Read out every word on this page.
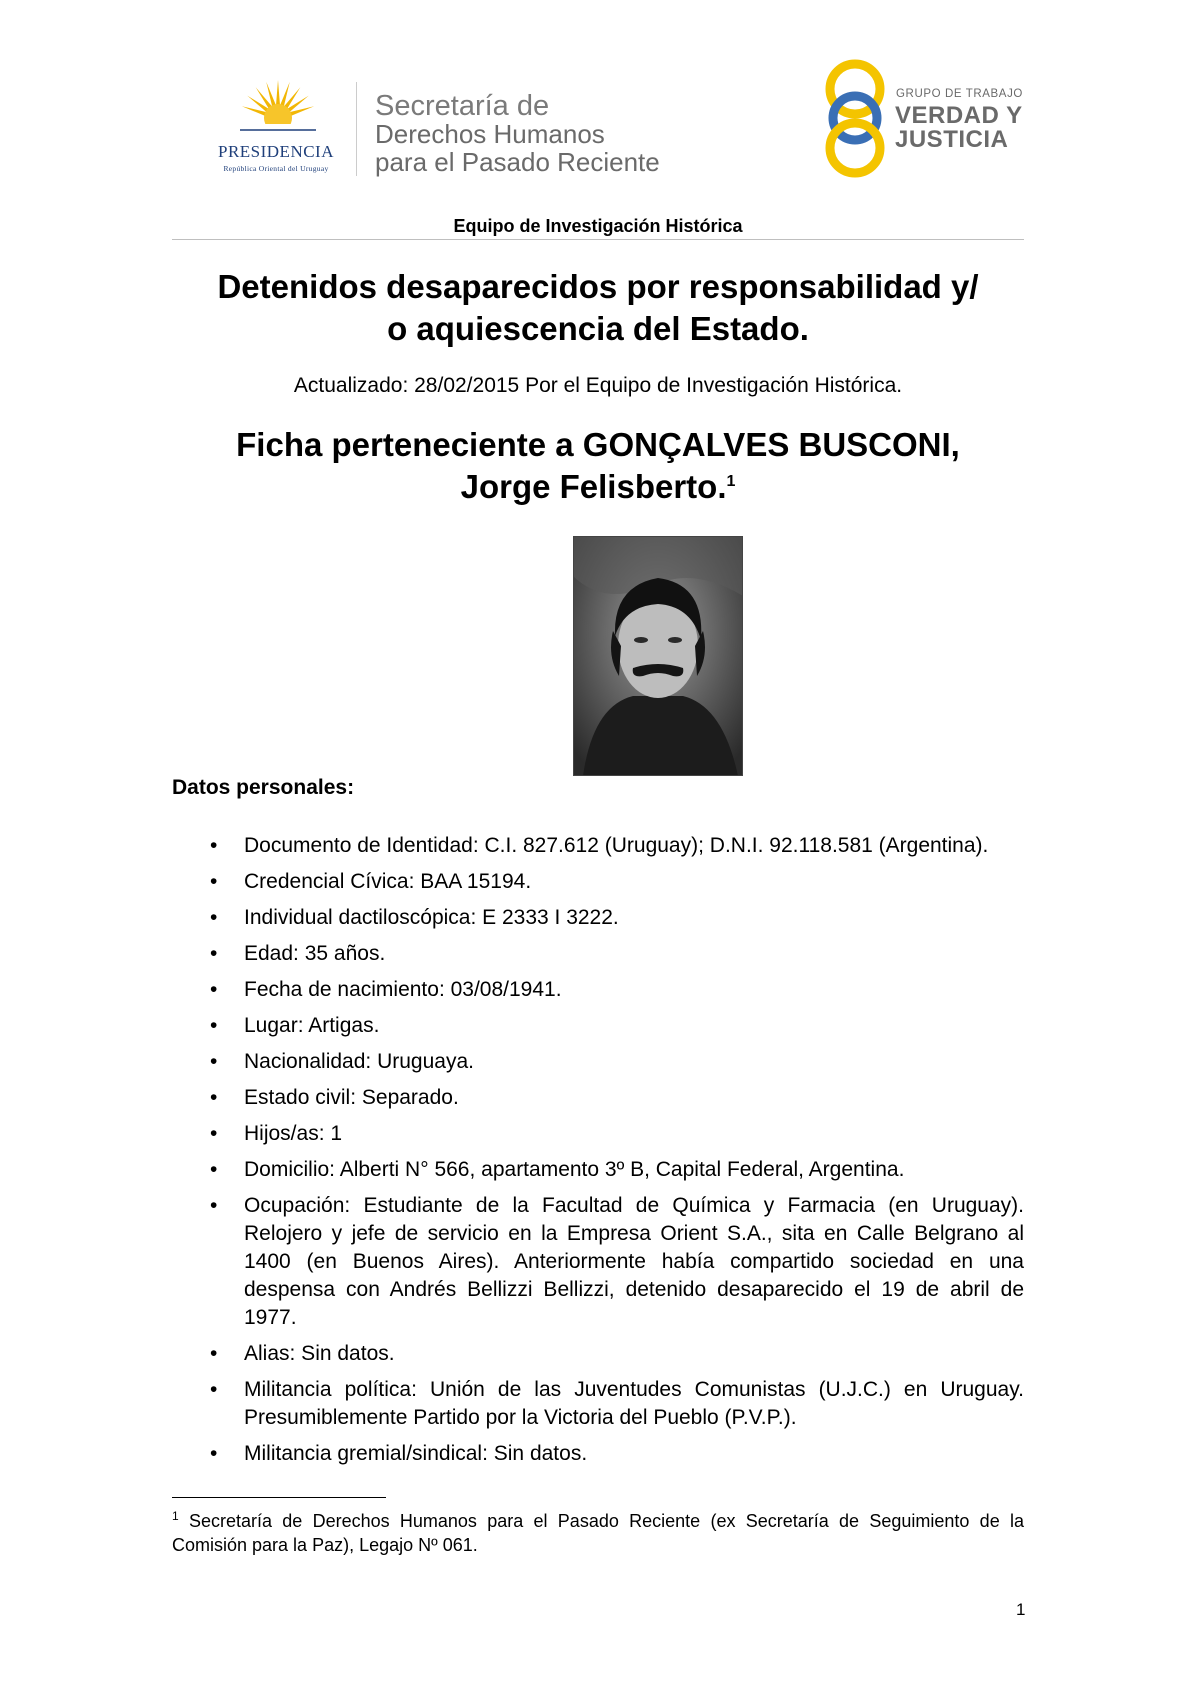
PRESIDENCIA
República Oriental del Uruguay
Secretaría de
Derechos Humanos
para el Pasado Reciente
GRUPO DE TRABAJO
VERDAD Y
JUSTICIA
Equipo de Investigación Histórica
Detenidos desaparecidos por responsabilidad y/
o aquiescencia del Estado.
Actualizado: 28/02/2015 Por el Equipo de Investigación Histórica.
Ficha perteneciente a GONÇALVES BUSCONI,
Jorge Felisberto.$^1$
Datos personales:
• Documento de Identidad: C.I. 827.612 (Uruguay); D.N.I. 92.118.581 (Argentina).
• Credencial Cívica: BAA 15194.
• Individual dactiloscópica: E 2333 I 3222.
• Edad: 35 años.
• Fecha de nacimiento: 03/08/1941.
• Lugar: Artigas.
• Nacionalidad: Uruguaya.
• Estado civil: Separado.
• Hijos/as: 1
• Domicilio: Alberti N° 566, apartamento 3º B, Capital Federal, Argentina.
• Ocupación: Estudiante de la Facultad de Química y Farmacia (en Uruguay). Relojero y jefe de servicio en la Empresa Orient S.A., sita en Calle Belgrano al 1400 (en Buenos Aires). Anteriormente había compartido sociedad en una despensa con Andrés Bellizzi Bellizzi, detenido desaparecido el 19 de abril de 1977.
• Alias: Sin datos.
• Militancia política: Unión de las Juventudes Comunistas (U.J.C.) en Uruguay. Presumiblemente Partido por la Victoria del Pueblo (P.V.P.).
• Militancia gremial/sindical: Sin datos.
$^1$ Secretaría de Derechos Humanos para el Pasado Reciente (ex Secretaría de Seguimiento de la Comisión para la Paz), Legajo Nº 061.
1
